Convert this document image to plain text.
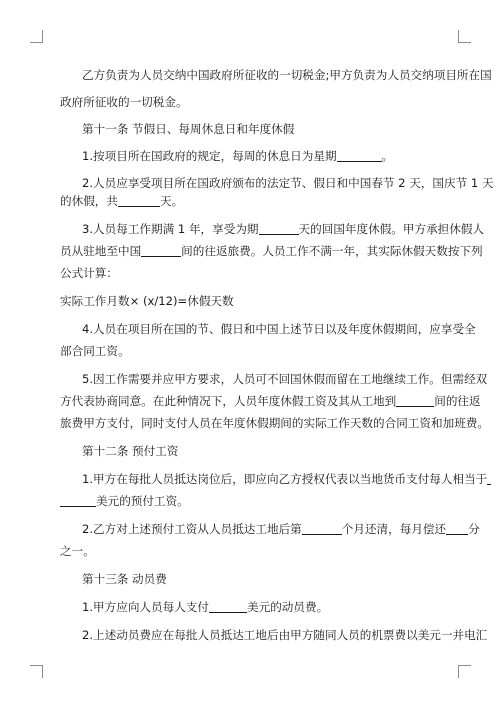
乙方负责为人员交纳中国政府所征收的一切税金;甲方负责为人员交纳项目所在国
政府所征收的一切税金。
第十一条 节假日、每周休息日和年度休假
1.按项目所在国政府的规定，每周的休息日为星期	。
2.人员应享受项目所在国政府颁布的法定节、假日和中国春节 2 天，国庆节 1 天
的休假，共	天。
3.人员每工作期满 1 年，享受为期	天的回国年度休假。甲方承担休假人
员从驻地至中国	间的往返旅费。人员工作不满一年，其实际休假天数按下列
公式计算：
实际工作月数× (x/12)=休假天数
4.人员在项目所在国的节、假日和中国上述节日以及年度休假期间，应享受全
部合同工资。
5.因工作需要并应甲方要求，人员可不回国休假而留在工地继续工作。但需经双
方代表协商同意。在此种情况下，人员年度休假工资及其从工地到	间的往返
旅费甲方支付，同时支付人员在年度休假期间的实际工作天数的合同工资和加班费。
第十二条 预付工资
1.甲方在每批人员抵达岗位后，即应向乙方授权代表以当地货币支付每人相当于
美元的预付工资。
2.乙方对上述预付工资从人员抵达工地后第	个月还清，每月偿还 分
之一。
第十三条 动员费
1.甲方应向人员每人支付	美元的动员费。
2.上述动员费应在每批人员抵达工地后由甲方随同人员的机票费以美元一并电汇
